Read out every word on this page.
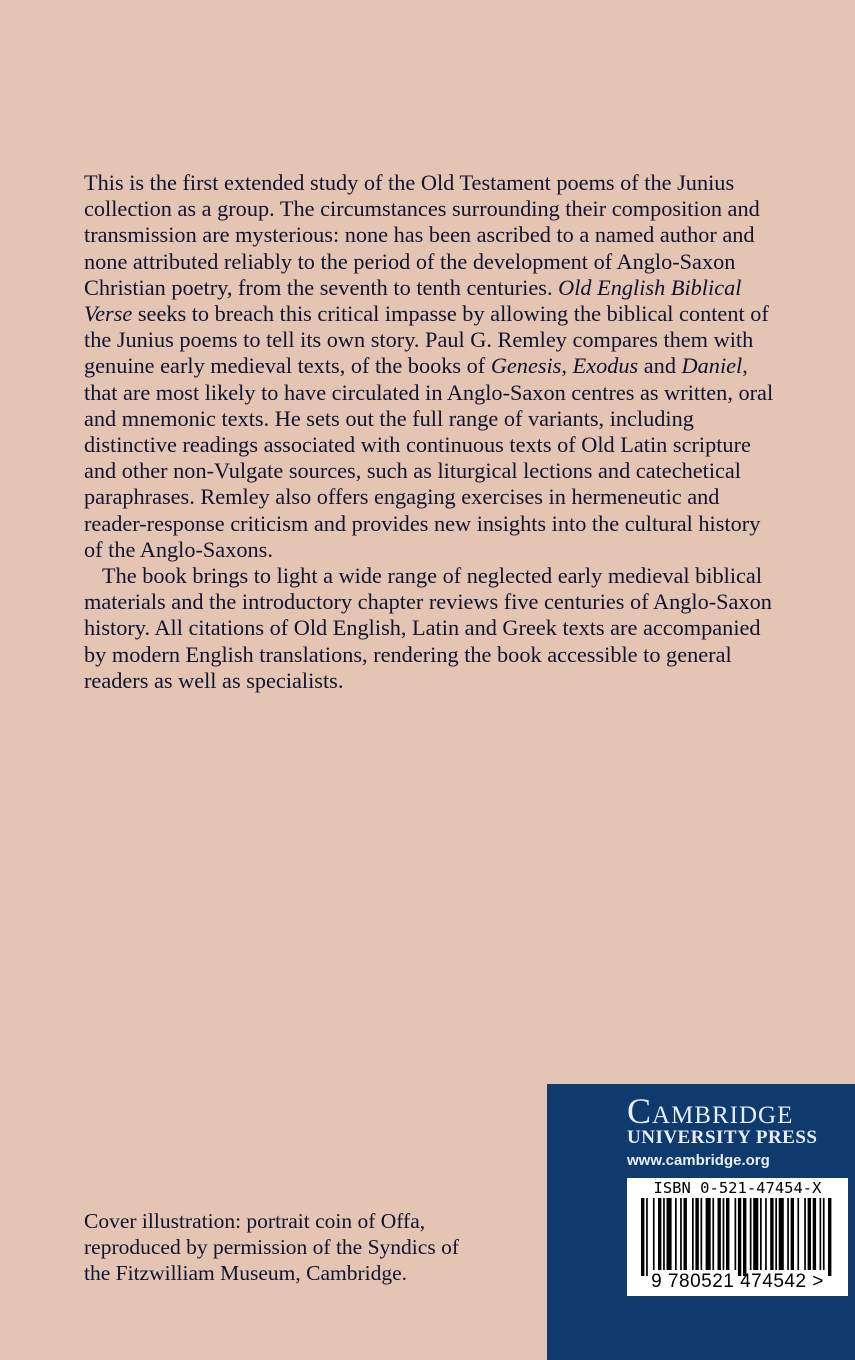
This is the first extended study of the Old Testament poems of the Junius collection as a group. The circumstances surrounding their composition and transmission are mysterious: none has been ascribed to a named author and none attributed reliably to the period of the development of Anglo-Saxon Christian poetry, from the seventh to tenth centuries. Old English Biblical Verse seeks to breach this critical impasse by allowing the biblical content of the Junius poems to tell its own story. Paul G. Remley compares them with genuine early medieval texts, of the books of Genesis, Exodus and Daniel, that are most likely to have circulated in Anglo-Saxon centres as written, oral and mnemonic texts. He sets out the full range of variants, including distinctive readings associated with continuous texts of Old Latin scripture and other non-Vulgate sources, such as liturgical lections and catechetical paraphrases. Remley also offers engaging exercises in hermeneutic and reader-response criticism and provides new insights into the cultural history of the Anglo-Saxons.

The book brings to light a wide range of neglected early medieval biblical materials and the introductory chapter reviews five centuries of Anglo-Saxon history. All citations of Old English, Latin and Greek texts are accompanied by modern English translations, rendering the book accessible to general readers as well as specialists.

Cover illustration: portrait coin of Offa,
reproduced by permission of the Syndics of
the Fitzwilliam Museum, Cambridge.
Cambridge
UNIVERSITY PRESS
www.cambridge.org
ISBN 0-521-47454-X
9 780521 474542 >
